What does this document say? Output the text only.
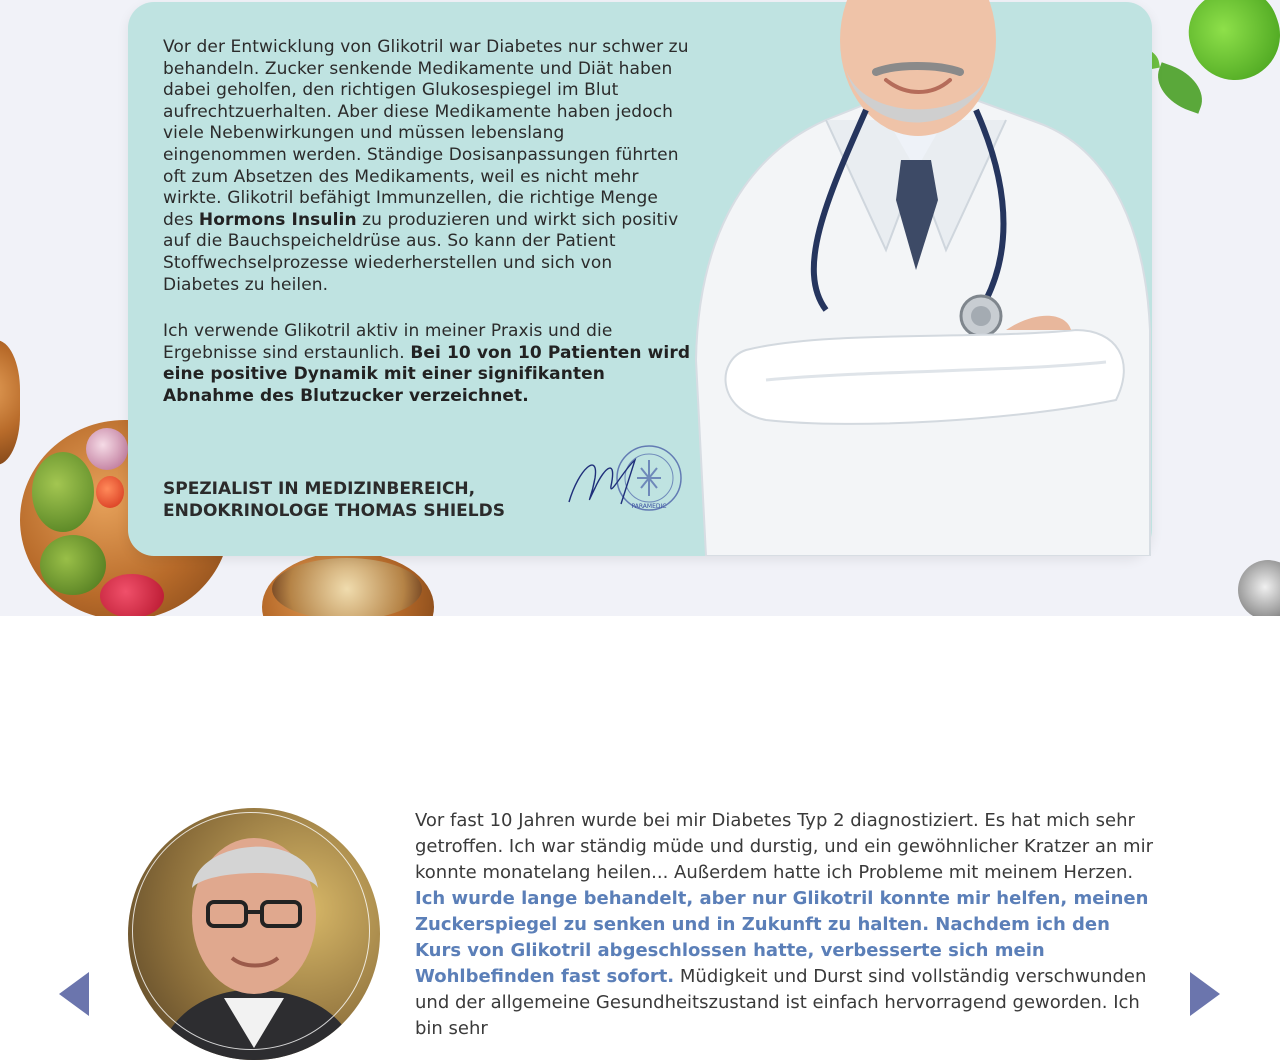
Vor der Entwicklung von Glikotril war Diabetes nur schwer zu behandeln. Zucker senkende Medikamente und Diät haben dabei geholfen, den richtigen Glukosespiegel im Blut aufrechtzuerhalten. Aber diese Medikamente haben jedoch viele Nebenwirkungen und müssen lebenslang eingenommen werden. Ständige Dosisanpassungen führten oft zum Absetzen des Medikaments, weil es nicht mehr wirkte. Glikotril befähigt Immunzellen, die richtige Menge des Hormons Insulin zu produzieren und wirkt sich positiv auf die Bauchspeicheldrüse aus. So kann der Patient Stoffwechselprozesse wiederherstellen und sich von Diabetes zu heilen.

Ich verwende Glikotril aktiv in meiner Praxis und die Ergebnisse sind erstaunlich. Bei 10 von 10 Patienten wird eine positive Dynamik mit einer signifikanten Abnahme des Blutzucker verzeichnet.

SPEZIALIST IN MEDIZINBEREICH,
ENDOKRINOLOGE THOMAS SHIELDS	PARAMEDIC

Vor fast 10 Jahren wurde bei mir Diabetes Typ 2 diagnostiziert. Es hat mich sehr getroffen. Ich war ständig müde und durstig, und ein gewöhnlicher Kratzer an mir konnte monatelang heilen... Außerdem hatte ich Probleme mit meinem Herzen. Ich wurde lange behandelt, aber nur Glikotril konnte mir helfen, meinen Zuckerspiegel zu senken und in Zukunft zu halten. Nachdem ich den Kurs von Glikotril abgeschlossen hatte, verbesserte sich mein Wohlbefinden fast sofort. Müdigkeit und Durst sind vollständig verschwunden und der allgemeine Gesundheitszustand ist einfach hervorragend geworden. Ich bin sehr
